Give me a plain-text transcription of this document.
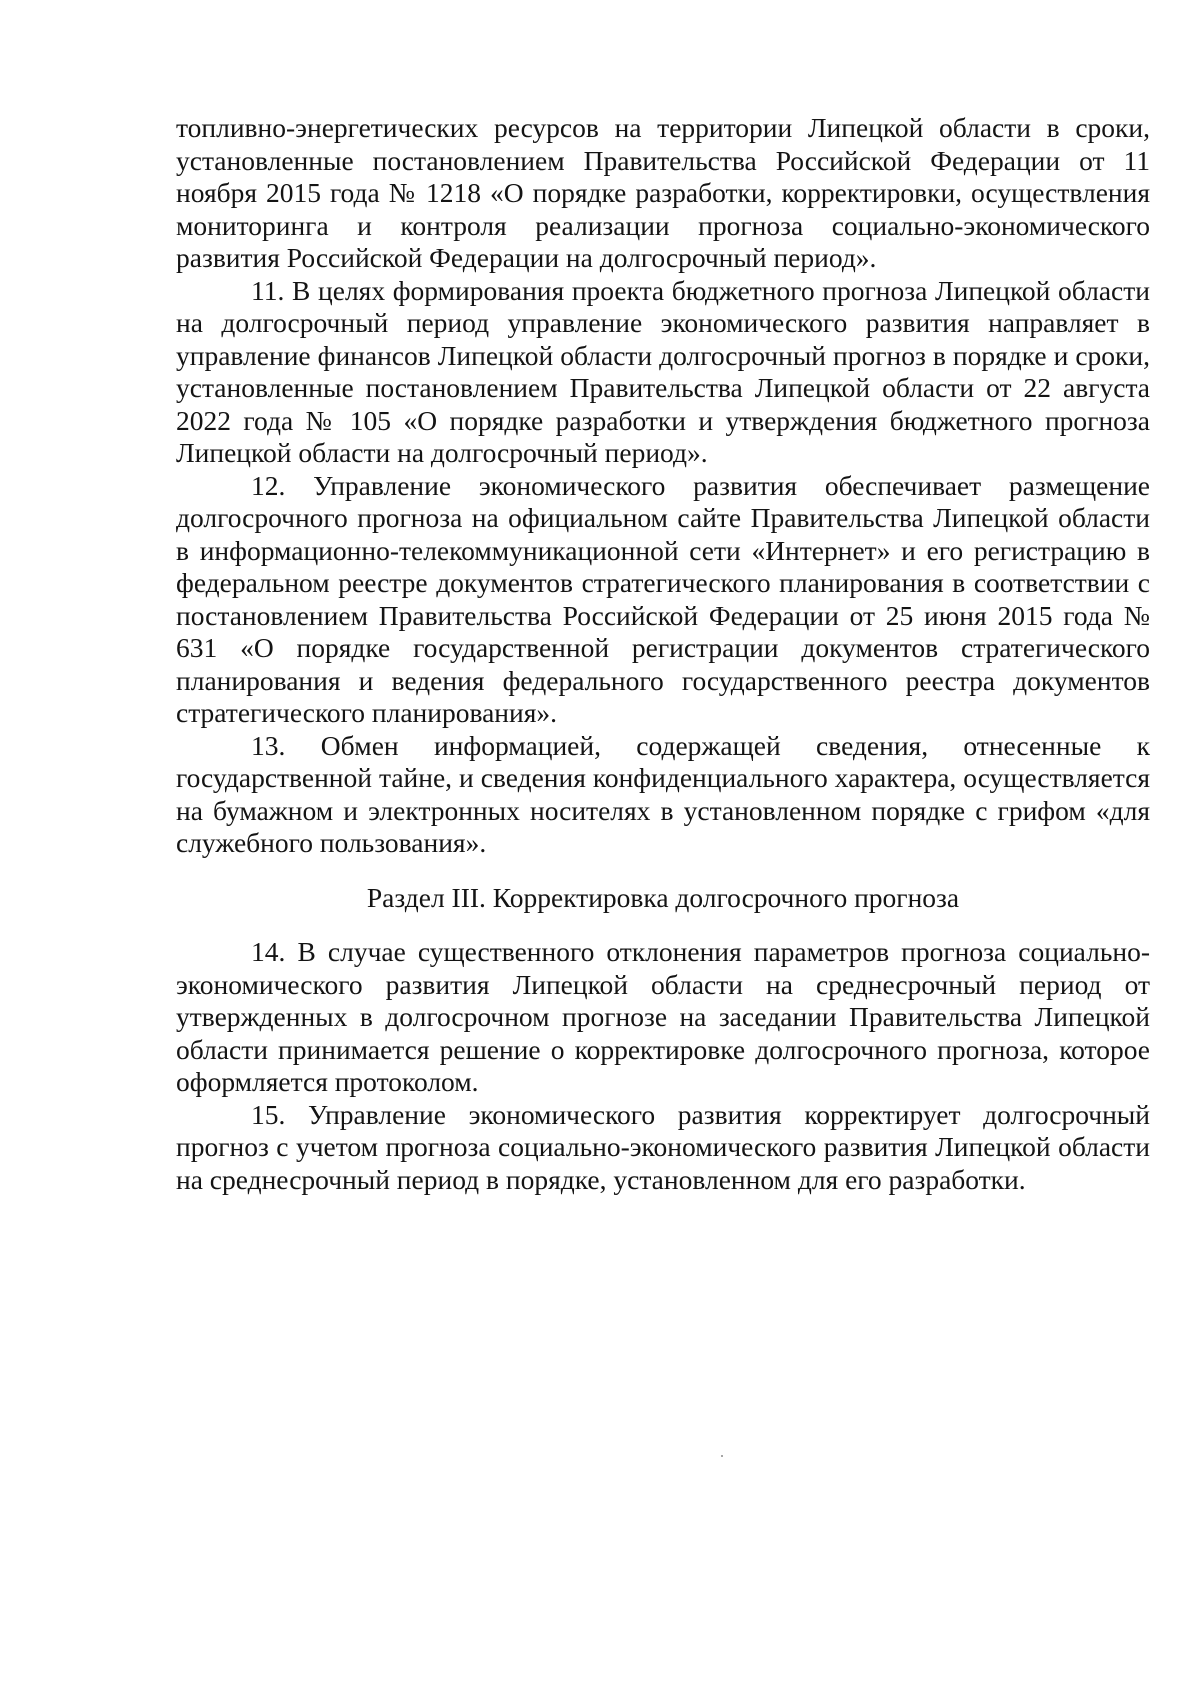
топливно-энергетических ресурсов на территории Липецкой области в сроки, установленные постановлением Правительства Российской Федерации от 11 ноября 2015 года № 1218 «О порядке разработки, корректировки, осуществления мониторинга и контроля реализации прогноза социально-экономического развития Российской Федерации на долгосрочный период».

11. В целях формирования проекта бюджетного прогноза Липецкой области на долгосрочный период управление экономического развития направляет в управление финансов Липецкой области долгосрочный прогноз в порядке и сроки, установленные постановлением Правительства Липецкой области от 22 августа 2022 года № 105 «О порядке разработки и утверждения бюджетного прогноза Липецкой области на долгосрочный период».

12. Управление экономического развития обеспечивает размещение долгосрочного прогноза на официальном сайте Правительства Липецкой области в информационно-телекоммуникационной сети «Интернет» и его регистрацию в федеральном реестре документов стратегического планирования в соответствии с постановлением Правительства Российской Федерации от 25 июня 2015 года № 631 «О порядке государственной регистрации документов стратегического планирования и ведения федерального государственного реестра документов стратегического планирования».

13. Обмен информацией, содержащей сведения, отнесенные к государственной тайне, и сведения конфиденциального характера, осуществляется на бумажном и электронных носителях в установленном порядке с грифом «для служебного пользования».

Раздел III. Корректировка долгосрочного прогноза

14. В случае существенного отклонения параметров прогноза социально-экономического развития Липецкой области на среднесрочный период от утвержденных в долгосрочном прогнозе на заседании Правительства Липецкой области принимается решение о корректировке долгосрочного прогноза, которое оформляется протоколом.

15. Управление экономического развития корректирует долгосрочный прогноз с учетом прогноза социально-экономического развития Липецкой области на среднесрочный период в порядке, установленном для его разработки.
